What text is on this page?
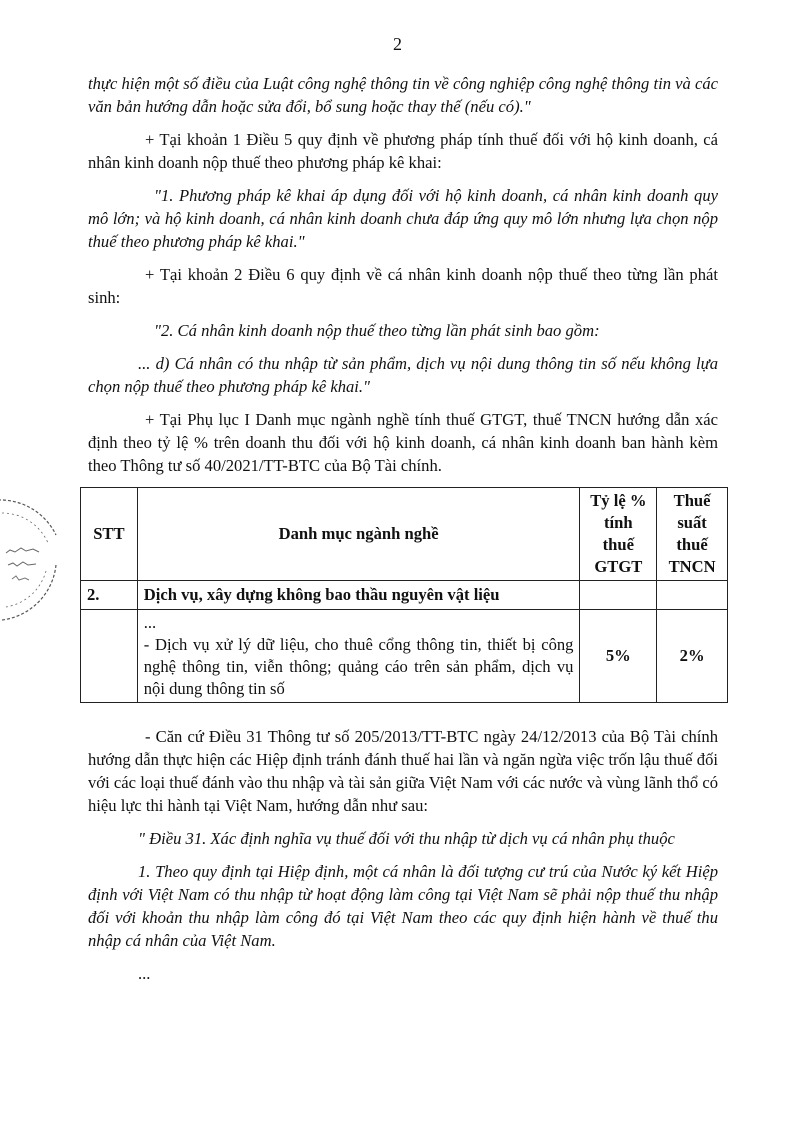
2

thực hiện một số điều của Luật công nghệ thông tin về công nghiệp công nghệ thông tin và các văn bản hướng dẫn hoặc sửa đổi, bổ sung hoặc thay thế (nếu có)."

+ Tại khoản 1 Điều 5 quy định về phương pháp tính thuế đối với hộ kinh doanh, cá nhân kinh doanh nộp thuế theo phương pháp kê khai:

"1. Phương pháp kê khai áp dụng đối với hộ kinh doanh, cá nhân kinh doanh quy mô lớn; và hộ kinh doanh, cá nhân kinh doanh chưa đáp ứng quy mô lớn nhưng lựa chọn nộp thuế theo phương pháp kê khai."

+ Tại khoản 2 Điều 6 quy định về cá nhân kinh doanh nộp thuế theo từng lần phát sinh:

"2. Cá nhân kinh doanh nộp thuế theo từng lần phát sinh bao gồm:

... d) Cá nhân có thu nhập từ sản phẩm, dịch vụ nội dung thông tin số nếu không lựa chọn nộp thuế theo phương pháp kê khai."

+ Tại Phụ lục I Danh mục ngành nghề tính thuế GTGT, thuế TNCN hướng dẫn xác định theo tỷ lệ % trên doanh thu đối với hộ kinh doanh, cá nhân kinh doanh ban hành kèm theo Thông tư số 40/2021/TT-BTC của Bộ Tài chính.

STT	Danh mục ngành nghề	Tỷ lệ % tính thuế GTGT	Thuế suất thuế TNCN
2.	Dịch vụ, xây dựng không bao thầu nguyên vật liệu		

	...
- Dịch vụ xử lý dữ liệu, cho thuê cổng thông tin, thiết bị công nghệ thông tin, viễn thông; quảng cáo trên sản phẩm, dịch vụ nội dung thông tin số	5%	2%

- Căn cứ Điều 31 Thông tư số 205/2013/TT-BTC ngày 24/12/2013 của Bộ Tài chính hướng dẫn thực hiện các Hiệp định tránh đánh thuế hai lần và ngăn ngừa việc trốn lậu thuế đối với các loại thuế đánh vào thu nhập và tài sản giữa Việt Nam với các nước và vùng lãnh thổ có hiệu lực thi hành tại Việt Nam, hướng dẫn như sau:

" Điều 31. Xác định nghĩa vụ thuế đối với thu nhập từ dịch vụ cá nhân phụ thuộc

1. Theo quy định tại Hiệp định, một cá nhân là đối tượng cư trú của Nước ký kết Hiệp định với Việt Nam có thu nhập từ hoạt động làm công tại Việt Nam sẽ phải nộp thuế thu nhập đối với khoản thu nhập làm công đó tại Việt Nam theo các quy định hiện hành về thuế thu nhập cá nhân của Việt Nam.

...
